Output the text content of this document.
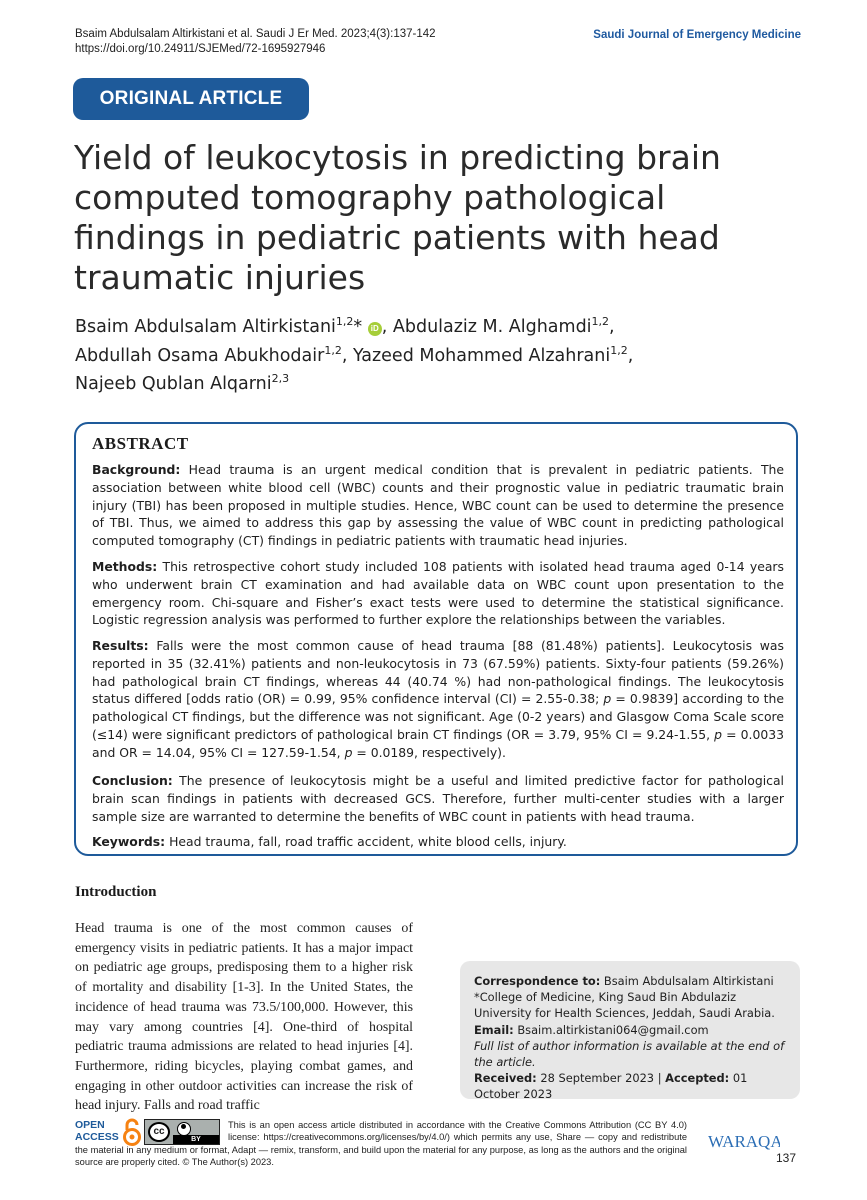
Bsaim Abdulsalam Altirkistani et al. Saudi J Er Med. 2023;4(3):137-142
https://doi.org/10.24911/SJEMed/72-1695927946
Saudi Journal of Emergency Medicine
ORIGINAL ARTICLE
Yield of leukocytosis in predicting brain computed tomography pathological findings in pediatric patients with head traumatic injuries
Bsaim Abdulsalam Altirkistani$^{1,2}$* iD , Abdulaziz M. Alghamdi$^{1,2}$,
Abdullah Osama Abukhodair$^{1,2}$, Yazeed Mohammed Alzahrani$^{1,2}$,
Najeeb Qublan Alqarni$^{2,3}$
ABSTRACT
Background: Head trauma is an urgent medical condition that is prevalent in pediatric patients. The association between white blood cell (WBC) counts and their prognostic value in pediatric traumatic brain injury (TBI) has been proposed in multiple studies. Hence, WBC count can be used to determine the presence of TBI. Thus, we aimed to address this gap by assessing the value of WBC count in predicting pathological computed tomography (CT) findings in pediatric patients with traumatic head injuries.
Methods: This retrospective cohort study included 108 patients with isolated head trauma aged 0-14 years who underwent brain CT examination and had available data on WBC count upon presentation to the emergency room. Chi-square and Fisher’s exact tests were used to determine the statistical significance. Logistic regression analysis was performed to further explore the relationships between the variables.
Results: Falls were the most common cause of head trauma [88 (81.48%) patients]. Leukocytosis was reported in 35 (32.41%) patients and non-leukocytosis in 73 (67.59%) patients. Sixty-four patients (59.26%) had pathological brain CT findings, whereas 44 (40.74 %) had non-pathological findings. The leukocytosis status differed [odds ratio (OR) = 0.99, 95% confidence interval (CI) = 2.55-0.38; p = 0.9839] according to the pathological CT findings, but the difference was not significant. Age (0-2 years) and Glasgow Coma Scale score (≤14) were significant predictors of pathological brain CT findings (OR = 3.79, 95% CI = 9.24-1.55, p = 0.0033 and OR = 14.04, 95% CI = 127.59-1.54, p = 0.0189, respectively).
Conclusion: The presence of leukocytosis might be a useful and limited predictive factor for pathological brain scan findings in patients with decreased GCS. Therefore, further multi-center studies with a larger sample size are warranted to determine the benefits of WBC count in patients with head trauma.
Keywords: Head trauma, fall, road traffic accident, white blood cells, injury.
Introduction
Head trauma is one of the most common causes of emergency visits in pediatric patients. It has a major impact on pediatric age groups, predisposing them to a higher risk of mortality and disability [1-3]. In the United States, the incidence of head trauma was 73.5/100,000. However, this may vary among countries [4]. One-third of hospital pediatric trauma admissions are related to head injuries [4]. Furthermore, riding bicycles, playing combat games, and engaging in other outdoor activities can increase the risk of head injury. Falls and road traffic
Correspondence to: Bsaim Abdulsalam Altirkistani
*College of Medicine, King Saud Bin Abdulaziz University for Health Sciences, Jeddah, Saudi Arabia.
Email: Bsaim.altirkistani064@gmail.com
Full list of author information is available at the end of the article.
Received: 28 September 2023 | Accepted: 01 October 2023
OPEN
ACCESS	cc
BY
This is an open access article distributed in accordance with the Creative Commons Attribution (CC BY 4.0) license: https://creativecommons.org/licenses/by/4.0/) which permits any use, Share — copy and redistribute the material in any medium or format, Adapt — remix, transform, and build upon the material for any purpose, as long as the authors and the original source are properly cited. © The Author(s) 2023.
WARAQA
137
